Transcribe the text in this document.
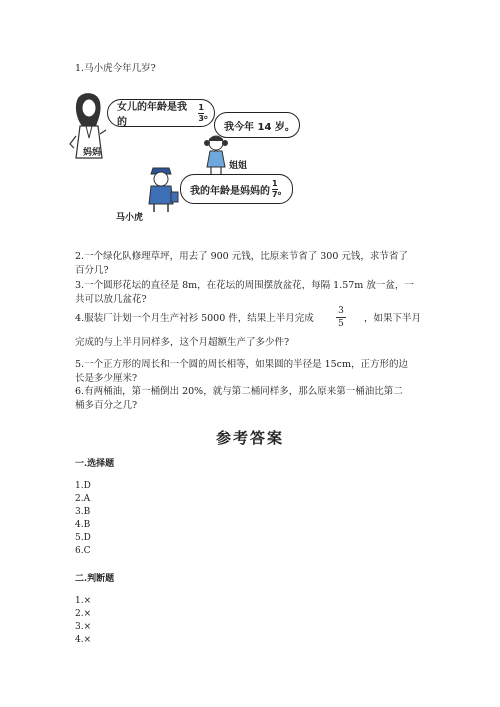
1.马小虎今年几岁?
妈妈
女儿的年龄是我的
1
3 。
我今年 14 岁。
姐姐
马小虎
我的年龄是妈妈的
1
7 。
2.一个绿化队修理草坪，用去了 900 元钱，比原来节省了 300 元钱，求节省了
百分几?
3.一个圆形花坛的直径是 8m，在花坛的周围摆放盆花，每隔 1.57m 放一盆，一
共可以放几盆花?
4.服装厂计划一个月生产衬衫 5000 件，结果上半月完成
3
5 ，如果下半月
完成的与上半月同样多，这个月超额生产了多少件?
5.一个正方形的周长和一个圆的周长相等，如果圆的半径是 15cm，正方形的边
长是多少厘米?
6.有两桶油，第一桶倒出 20%，就与第二桶同样多，那么原来第一桶油比第二
桶多百分之几?
参考答案
一.选择题
1.D
2.A
3.B
4.B
5.D
6.C
二.判断题
1.×
2.×
3.×
4.×
